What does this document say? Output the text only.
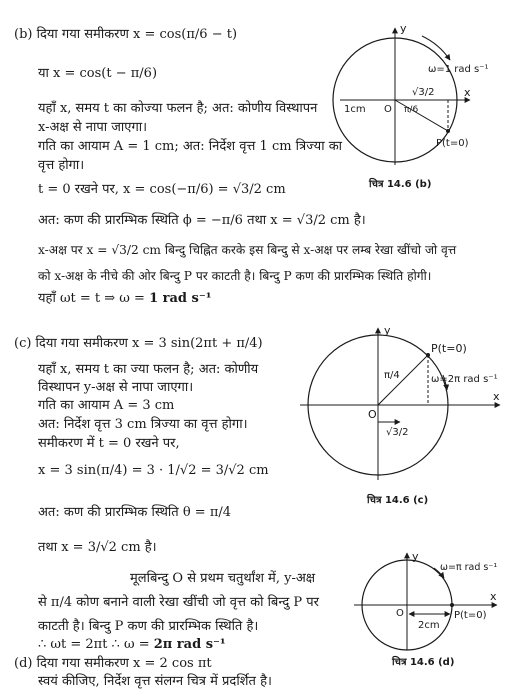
(b) दिया गया समीकरण x = cos(π/6 − t)
या x = cos(t − π/6)
यहाँ x, समय t का कोज्या फलन है; अत: कोणीय विस्थापन
x-अक्ष से नापा जाएगा।
गति का आयाम A = 1 cm; अत: निर्देश वृत्त 1 cm त्रिज्या का
वृत्त होगा।
t = 0 रखने पर, x = cos(−π/6) = √3/2 cm
अत: कण की प्रारम्भिक स्थिति ϕ = −π/6 तथा x = √3/2 cm है।
x-अक्ष पर x = √3/2 cm बिन्दु चिह्नित करके इस बिन्दु से x-अक्ष पर लम्ब रेखा खींचो जो वृत्त
को x-अक्ष के नीचे की ओर बिन्दु P पर काटती है। बिन्दु P कण की प्रारम्भिक स्थिति होगी।
यहाँ ωt = t ⇒ ω = 1 rad s⁻¹
y
x
ω=1 rad s⁻¹
√3/2
1cm O π/6
P(t=0)
चित्र 14.6 (b)
(c) दिया गया समीकरण x = 3 sin(2πt + π/4)
यहाँ x, समय t का ज्या फलन है; अत: कोणीय
विस्थापन y-अक्ष से नापा जाएगा।
गति का आयाम A = 3 cm
अत: निर्देश वृत्त 3 cm त्रिज्या का वृत्त होगा।
समीकरण में t = 0 रखने पर,
x = 3 sin(π/4) = 3 · 1/√2 = 3/√2 cm
अत: कण की प्रारम्भिक स्थिति θ = π/4
तथा x = 3/√2 cm है।
मूलबिन्दु O से प्रथम चतुर्थांश में, y-अक्ष
से π/4 कोण बनाने वाली रेखा खींची जो वृत्त को बिन्दु P पर
काटती है। बिन्दु P कण की प्रारम्भिक स्थिति है।
∴ ωt = 2πt ∴ ω = 2π rad s⁻¹
y
x
P(t=0)
ω=2π rad s⁻¹
π/4
O
√3/2
चित्र 14.6 (c)
(d) दिया गया समीकरण x = 2 cos πt
स्वयं कीजिए, निर्देश वृत्त संलग्न चित्र में प्रदर्शित है।
y
x
ω=π rad s⁻¹
O
2cm
P(t=0)
चित्र 14.6 (d)
